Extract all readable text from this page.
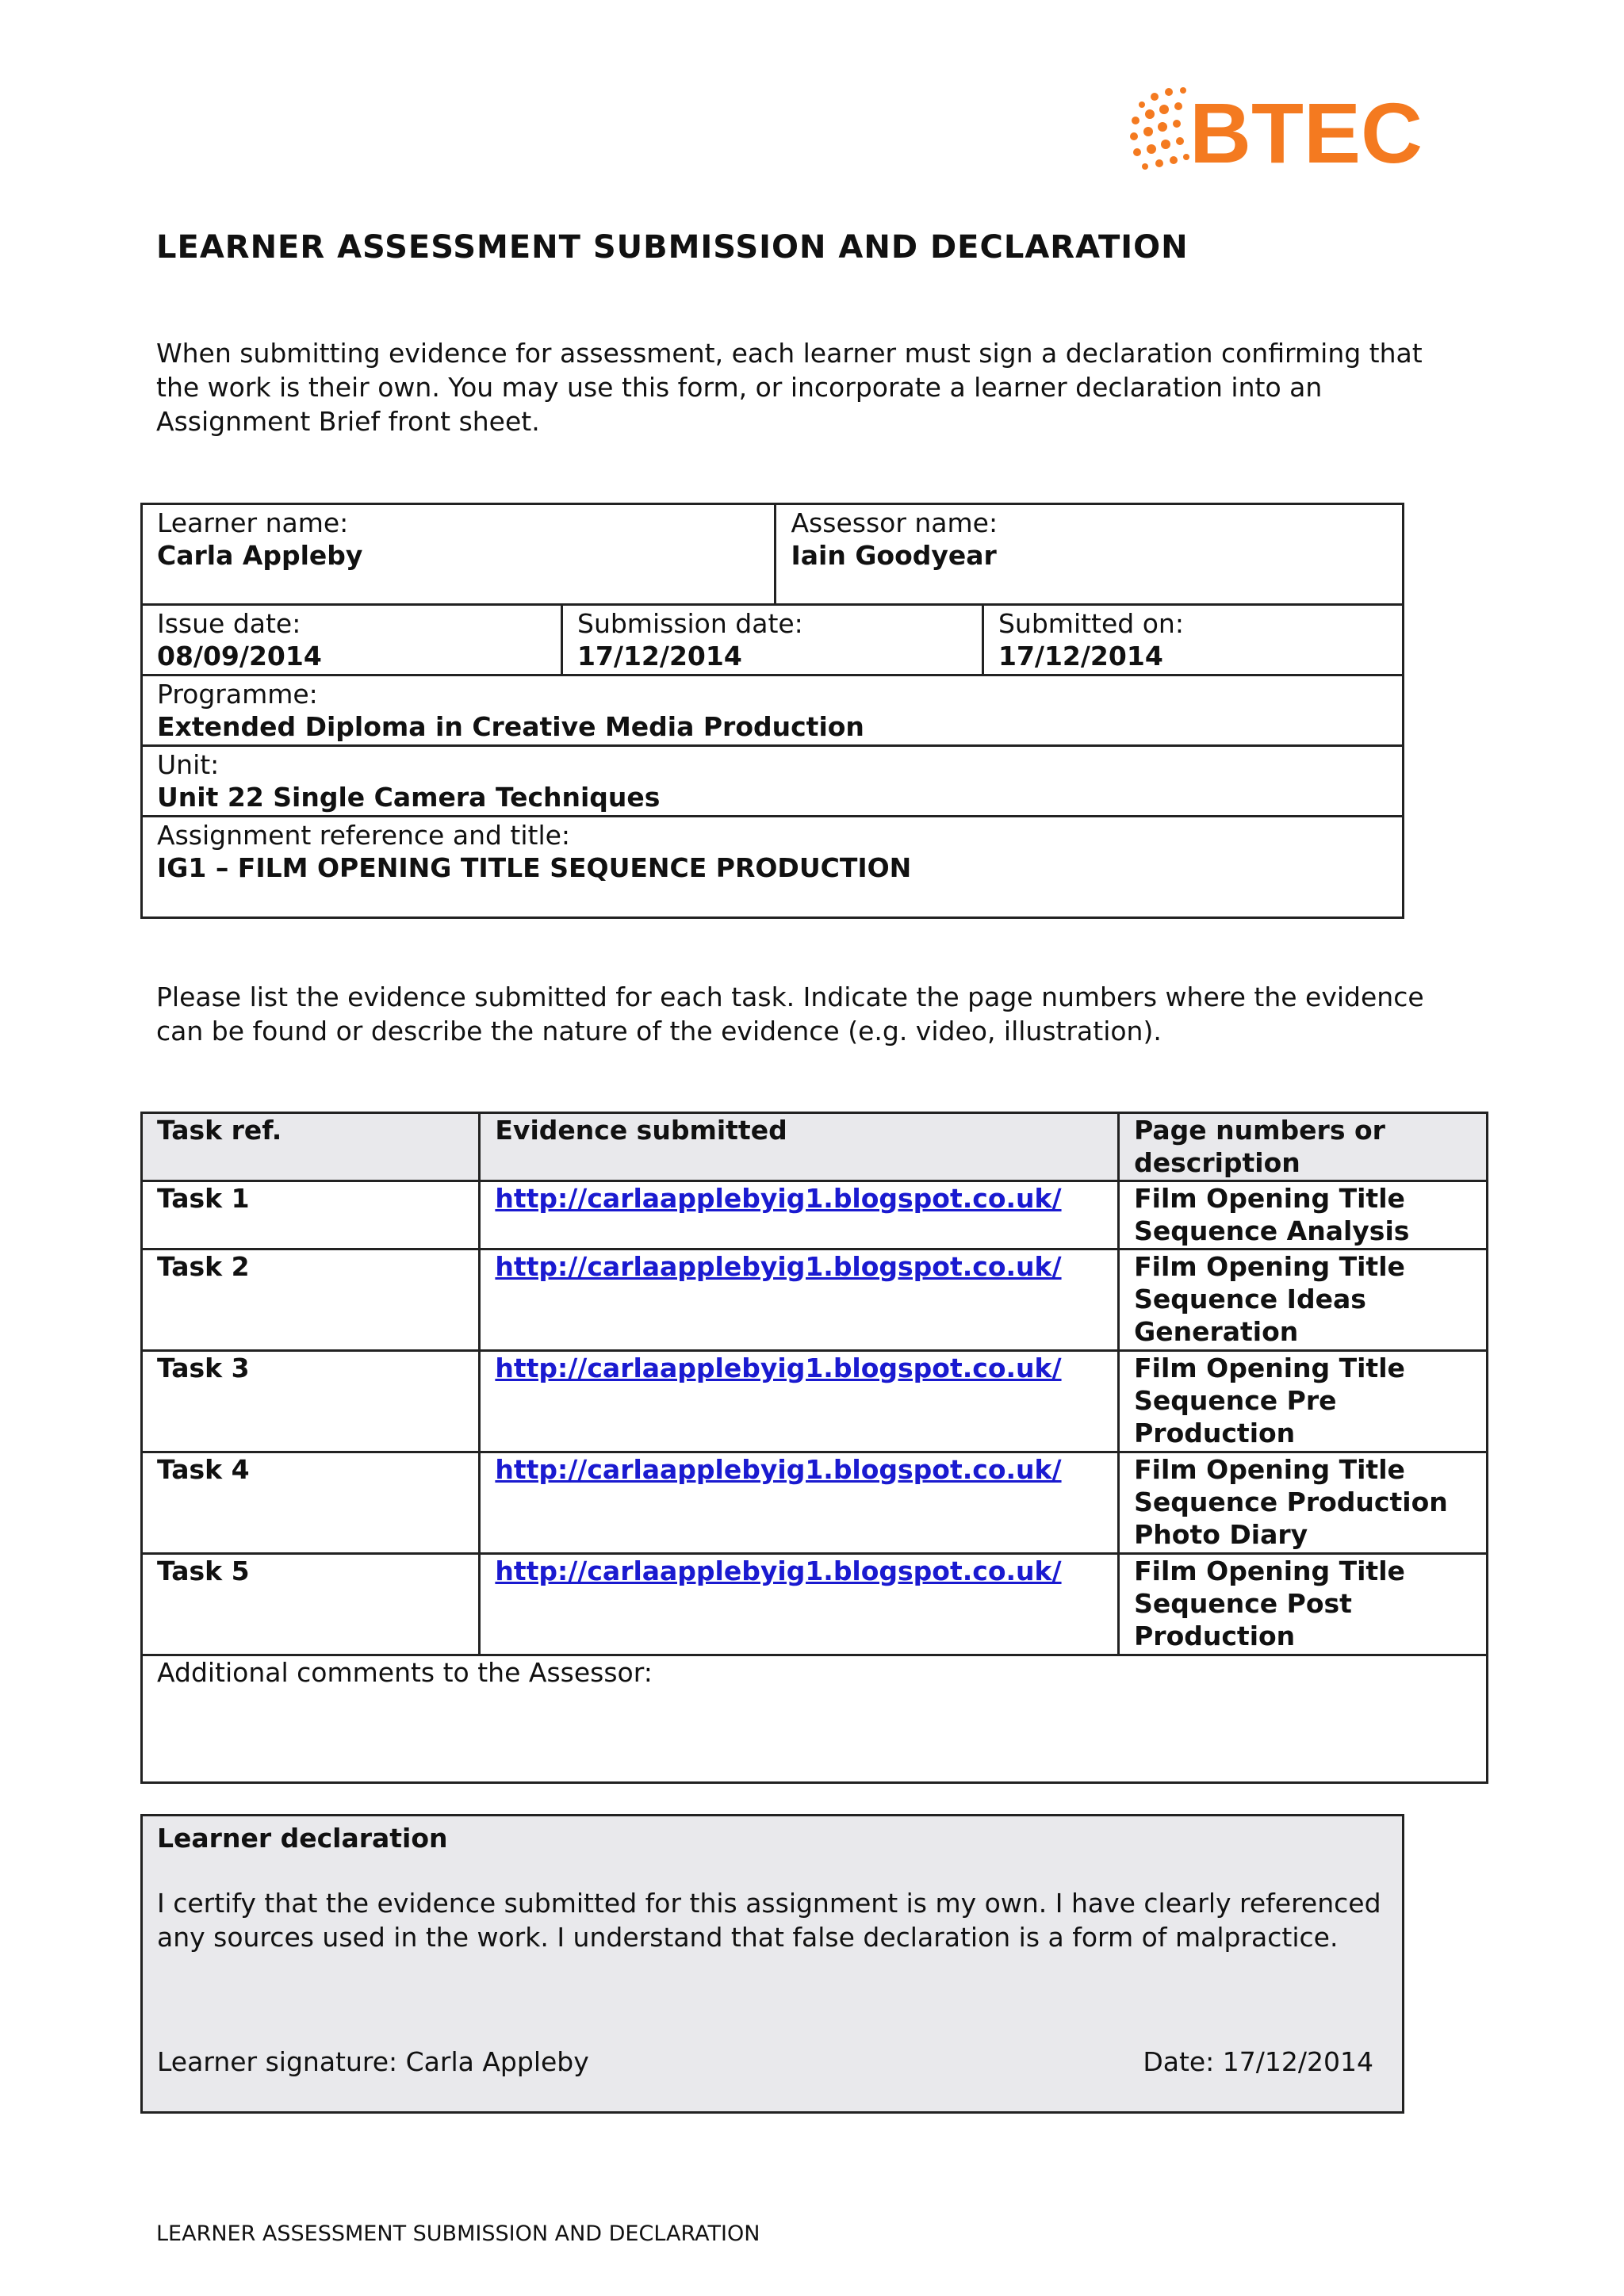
BTEC
LEARNER ASSESSMENT SUBMISSION AND DECLARATION
When submitting evidence for assessment, each learner must sign a declaration confirming that the work is their own. You may use this form, or incorporate a learner declaration into an Assignment Brief front sheet.
Learner name:
Carla Appleby		Assessor name:
Iain Goodyear	

Issue date:
08/09/2014	Submission date:
17/12/2014		Submitted on:
17/12/2014

Programme:
Extended Diploma in Creative Media Production			

Unit:
Unit 22 Single Camera Techniques			

Assignment reference and title:
IG1 – FILM OPENING TITLE SEQUENCE PRODUCTION			
Please list the evidence submitted for each task. Indicate the page numbers where the evidence can be found or describe the nature of the evidence (e.g. video, illustration).
Task ref.	Evidence submitted	Page numbers or description
Task 1	http://carlaapplebyig1.blogspot.co.uk/	Film Opening Title Sequence Analysis
Task 2	http://carlaapplebyig1.blogspot.co.uk/	Film Opening Title Sequence Ideas Generation
Task 3	http://carlaapplebyig1.blogspot.co.uk/	Film Opening Title Sequence Pre Production
Task 4	http://carlaapplebyig1.blogspot.co.uk/	Film Opening Title Sequence Production Photo Diary
Task 5	http://carlaapplebyig1.blogspot.co.uk/	Film Opening Title Sequence Post Production
Additional comments to the Assessor:		
Learner declaration
I certify that the evidence submitted for this assignment is my own. I have clearly referenced any sources used in the work. I understand that false declaration is a form of malpractice.
Learner signature: Carla Appleby	Date: 17/12/2014
LEARNER ASSESSMENT SUBMISSION AND DECLARATION
